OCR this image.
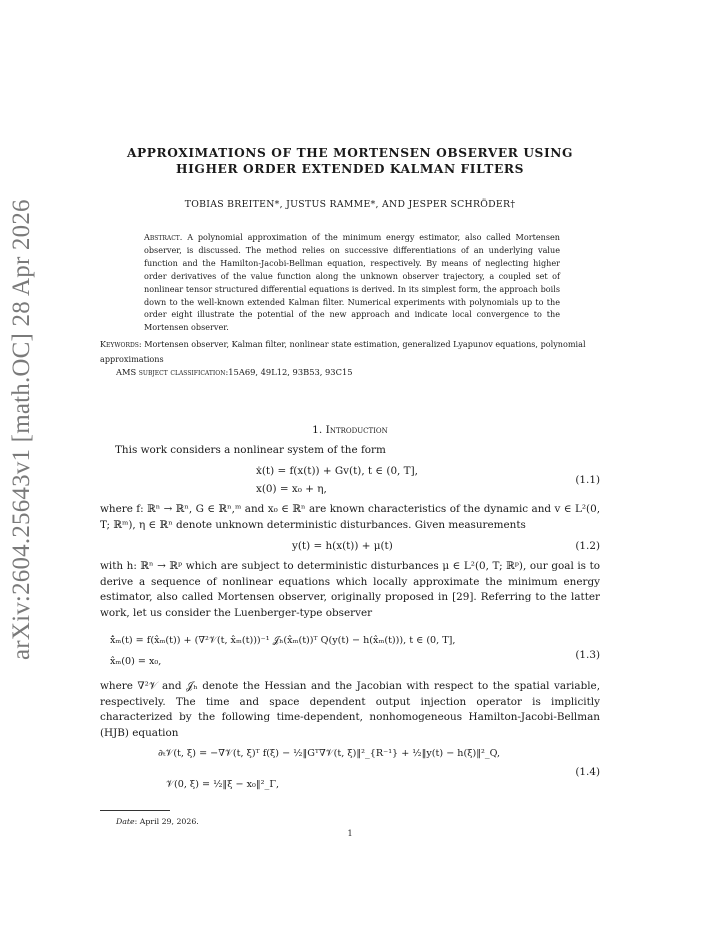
arXiv:2604.25643v1 [math.OC] 28 Apr 2026
APPROXIMATIONS OF THE MORTENSEN OBSERVER USING
HIGHER ORDER EXTENDED KALMAN FILTERS
TOBIAS BREITEN*, JUSTUS RAMME*, AND JESPER SCHRÖDER†
Abstract. A polynomial approximation of the minimum energy estimator, also called Mortensen observer, is discussed. The method relies on successive differentiations of an underlying value function and the Hamilton-Jacobi-Bellman equation, respectively. By means of neglecting higher order derivatives of the value function along the unknown observer trajectory, a coupled set of nonlinear tensor structured differential equations is derived. In its simplest form, the approach boils down to the well-known extended Kalman filter. Numerical experiments with polynomials up to the order eight illustrate the potential of the new approach and indicate local convergence to the Mortensen observer.
Keywords: Mortensen observer, Kalman filter, nonlinear state estimation, generalized Lyapunov equations, polynomial approximations
AMS subject classification:15A69, 49L12, 93B53, 93C15
1. Introduction
This work considers a nonlinear system of the form
ẋ(t) = f(x(t)) + Gv(t), t ∈ (0, T],
x(0) = x₀ + η,
(1.1)
where f: ℝⁿ → ℝⁿ, G ∈ ℝⁿ,ᵐ and x₀ ∈ ℝⁿ are known characteristics of the dynamic and v ∈ L²(0, T; ℝᵐ), η ∈ ℝⁿ denote unknown deterministic disturbances. Given measurements
y(t) = h(x(t)) + μ(t)	(1.2)
with h: ℝⁿ → ℝᵖ which are subject to deterministic disturbances μ ∈ L²(0, T; ℝᵖ), our goal is to derive a sequence of nonlinear equations which locally approximate the minimum energy estimator, also called Mortensen observer, originally proposed in [29]. Referring to the latter work, let us consider the Luenberger-type observer
x̂̇ₘ(t) = f(x̂ₘ(t)) + (∇²𝒱(t, x̂ₘ(t)))⁻¹ 𝒥ₕ(x̂ₘ(t))ᵀ Q(y(t) − h(x̂ₘ(t))), t ∈ (0, T],
x̂ₘ(0) = x₀,
(1.3)
where ∇²𝒱 and 𝒥ₕ denote the Hessian and the Jacobian with respect to the spatial variable, respectively. The time and space dependent output injection operator is implicitly characterized by the following time-dependent, nonhomogeneous Hamilton-Jacobi-Bellman (HJB) equation
∂ₜ𝒱(t, ξ) = −∇𝒱(t, ξ)ᵀ f(ξ) − ½‖Gᵀ∇𝒱(t, ξ)‖²_{R⁻¹} + ½‖y(t) − h(ξ)‖²_Q,
𝒱(0, ξ) = ½‖ξ − x₀‖²_Γ,
(1.4)
Date: April 29, 2026.
1
